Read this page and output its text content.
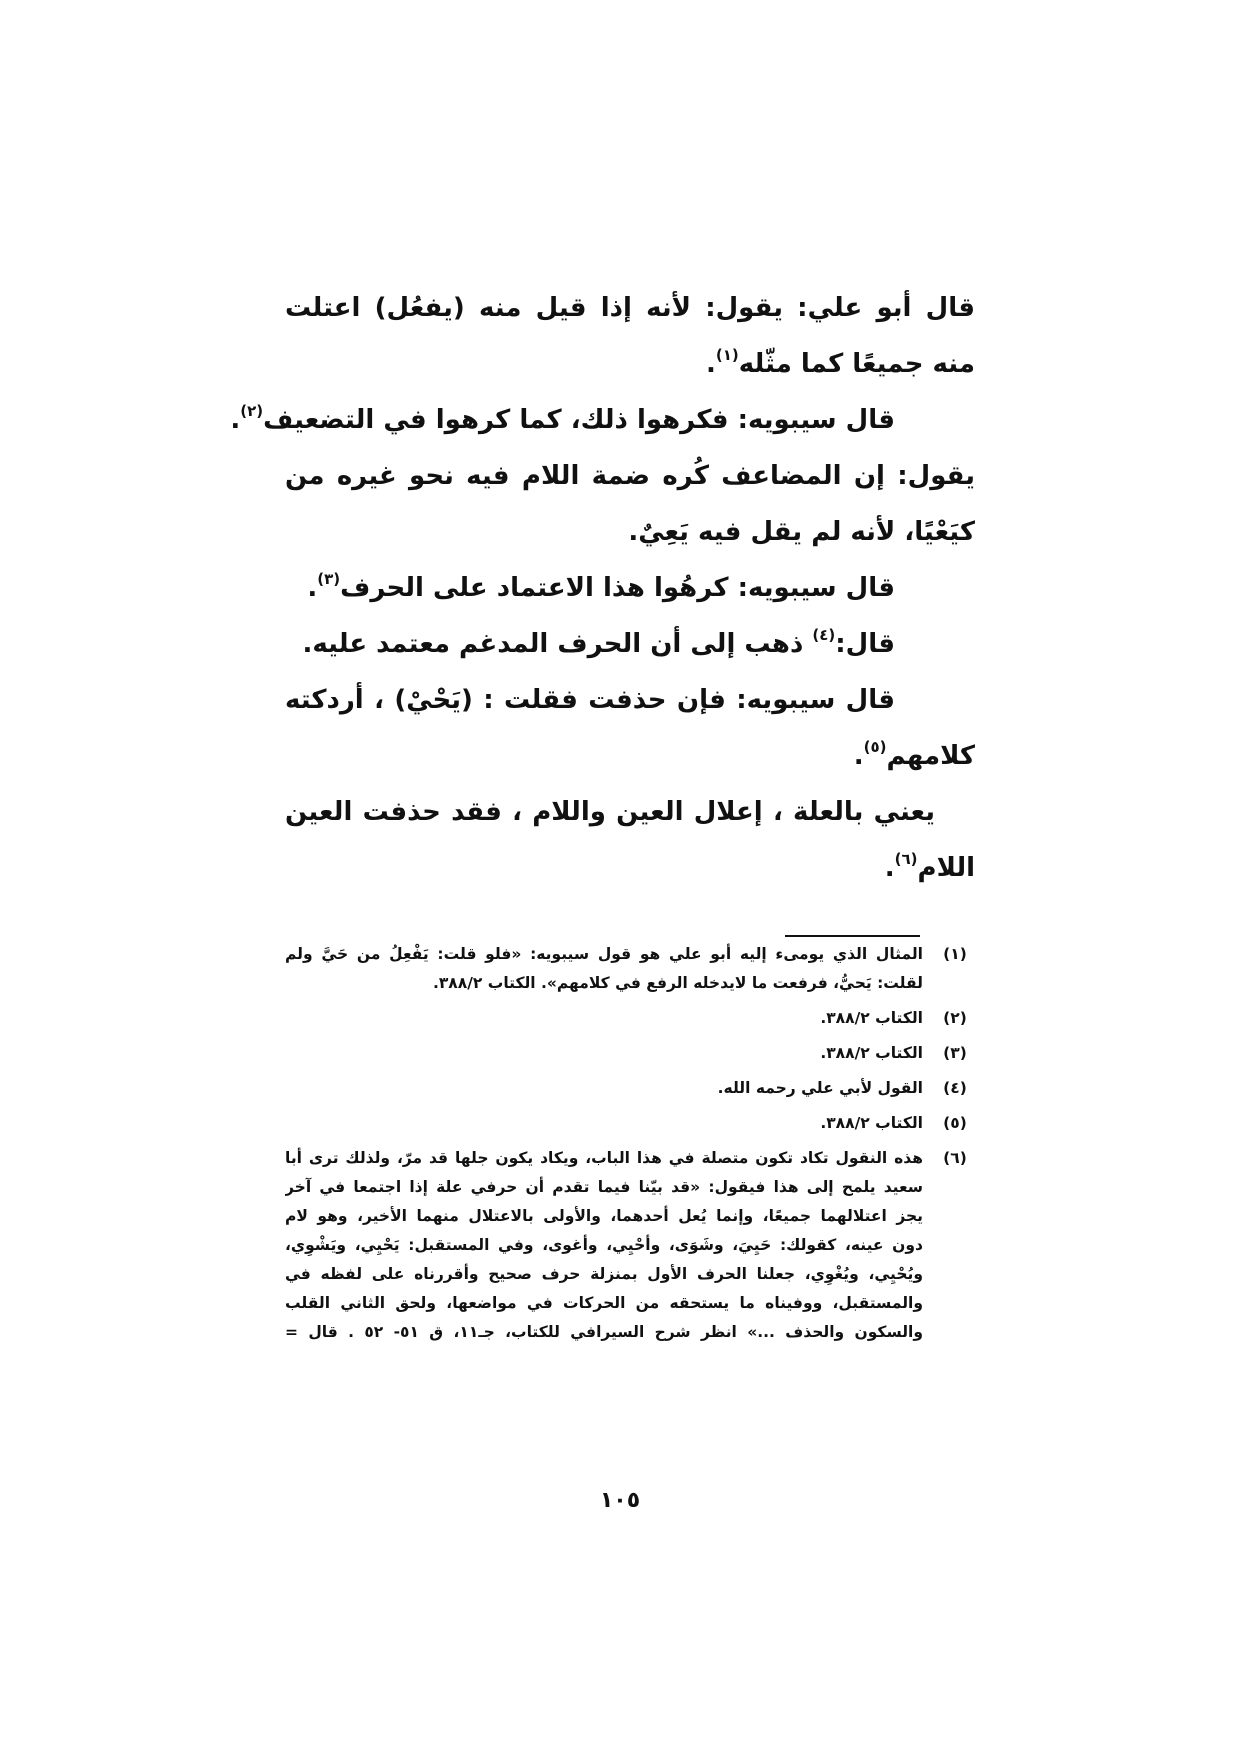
قال أبو علي: يقول: لأنه إذا قيل منه (يفعُل) اعتلت
منه جميعًا كما مثّله$^{(١)}$.
قال سيبويه: فكرهوا ذلك، كما كرهوا في التضعيف$^{(٢)}$.
يقول: إن المضاعف كُره ضمة اللام فيه نحو غيره من
كيَعْيًا، لأنه لم يقل فيه يَعِيٌ.
قال سيبويه: كرهُوا هذا الاعتماد على الحرف$^{(٣)}$.
قال:$^{(٤)}$ ذهب إلى أن الحرف المدغم معتمد عليه.
قال سيبويه: فإن حذفت فقلت : (يَحْيْ) ، أردكته
كلامهم$^{(٥)}$.
يعني بالعلة ، إعلال العين واللام ، فقد حذفت العين
اللام$^{(٦)}$.
(١)
المثال الذي يومىء إليه أبو علي هو قول سيبويه: «فلو قلت: يَفْعِلُ من حَيَّ ولم
لقلت: يَحيُّ، فرفعت ما لايدخله الرفع في كلامهم». الكتاب ٣٨٨/٢.
(٢)
الكتاب ٣٨٨/٢.
(٣)
الكتاب ٣٨٨/٢.
(٤)
القول لأبي علي رحمه الله.
(٥)
الكتاب ٣٨٨/٢.
(٦)
هذه النقول تكاد تكون متصلة في هذا الباب، ويكاد يكون جلها قد مرّ، ولذلك ترى أبا
سعيد يلمح إلى هذا فيقول: «قد بيّنا فيما تقدم أن حرفي علة إذا اجتمعا في آخر
يجز اعتلالهما جميعًا، وإنما يُعل أحدهما، والأولى بالاعتلال منهما الأخير، وهو لام
دون عينه، كقولك: حَيِيَ، وشَوَى، وأحْيِي، وأغوى، وفي المستقبل: يَحْيِي، ويَشْوِي،
ويُحْيِي، ويُغْوِي، جعلنا الحرف الأول بمنزلة حرف صحيح وأقررناه على لفظه في
والمستقبل، ووفيناه ما يستحقه من الحركات في مواضعها، ولحق الثاني القلب
والسكون والحذف ...» انظر شرح السيرافي للكتاب، جـ١١، ق ٥١- ٥٢ . قال =
١٠٥
